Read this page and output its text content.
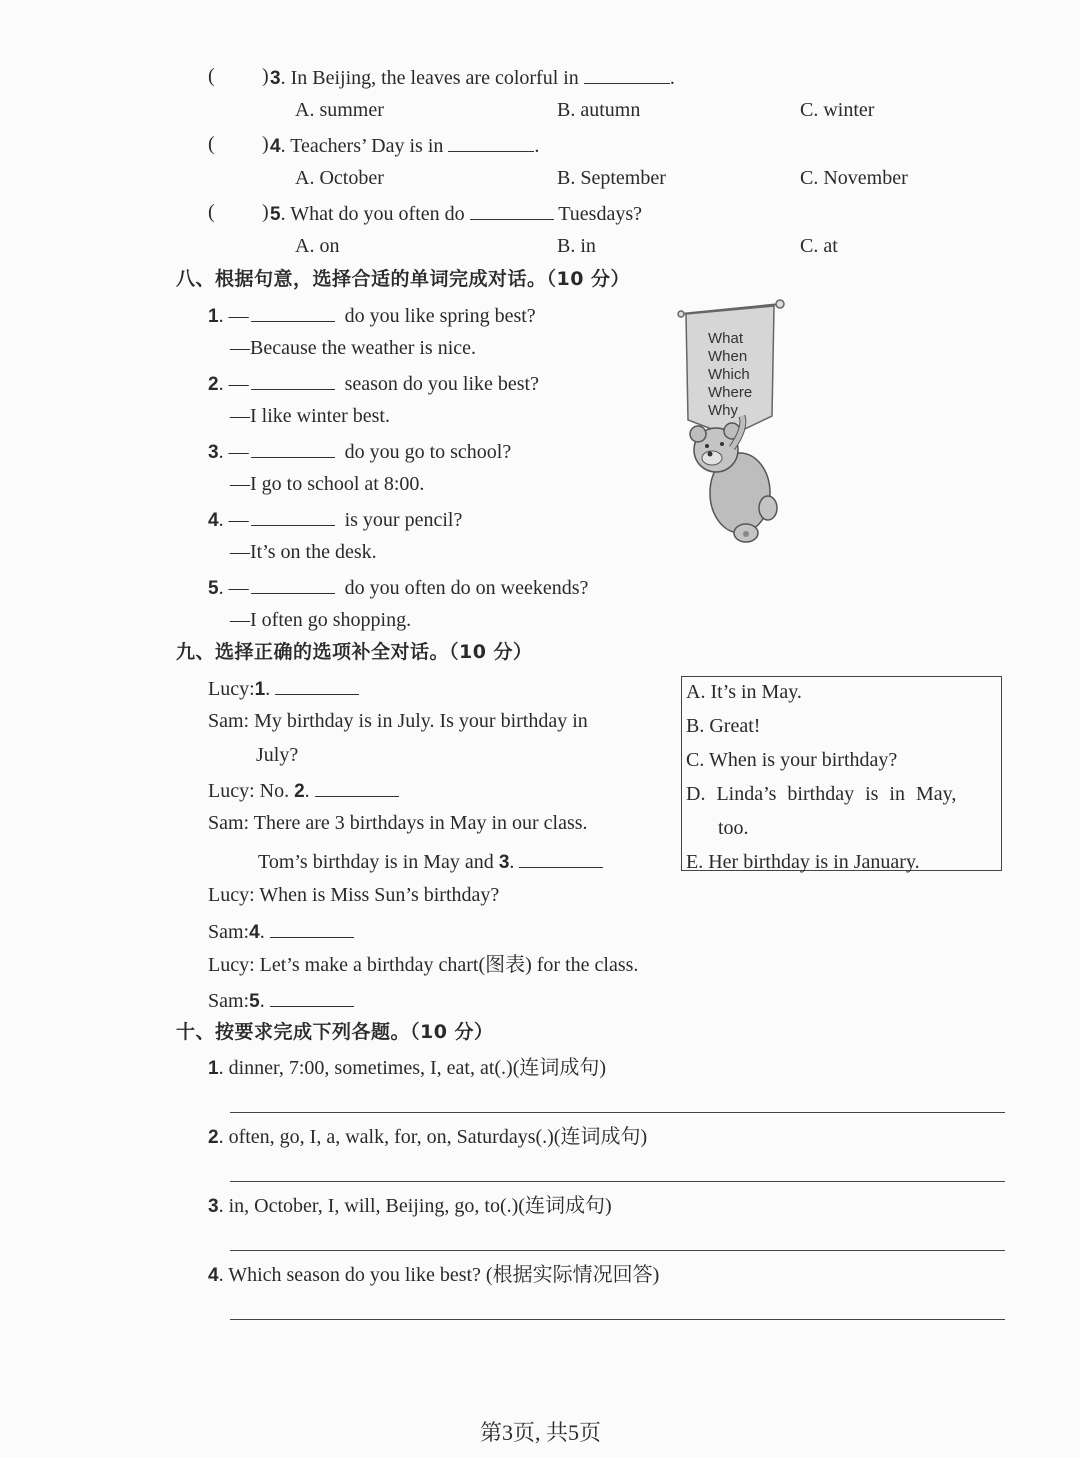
( ) 3. In Beijing, the leaves are colorful in	.
A. summer	B. autumn	C. winter
( ) 4. Teachers’ Day is in	.
A. October	B. September	C. November
( ) 5. What do you often do	Tuesdays?
A. on	B. in	C. at
八、根据句意，选择合适的单词完成对话。（10 分）
1. —	do you like spring best?
—Because the weather is nice.
2. —	season do you like best?
—I like winter best.
3. —	do you go to school?
—I go to school at 8:00.
4. —	is your pencil?
—It’s on the desk.
5. —	do you often do on weekends?
—I often go shopping.
What
When
Which
Where
Why
九、选择正确的选项补全对话。（10 分）
Lucy:1.
Sam: My birthday is in July. Is your birthday in
July?
Lucy: No. 2.
Sam: There are 3 birthdays in May in our class.
Tom’s birthday is in May and 3.
Lucy: When is Miss Sun’s birthday?
Sam:4.
Lucy: Let’s make a birthday chart(图表) for the class.
Sam:5.
A. It’s in May.
B. Great!
C. When is your birthday?
D. Linda’s birthday is in May,
too.
E. Her birthday is in January.
十、按要求完成下列各题。（10 分）
1. dinner, 7:00, sometimes, I, eat, at(.)(连词成句)
2. often, go, I, a, walk, for, on, Saturdays(.)(连词成句)
3. in, October, I, will, Beijing, go, to(.)(连词成句)
4. Which season do you like best? (根据实际情况回答)
第3页, 共5页
